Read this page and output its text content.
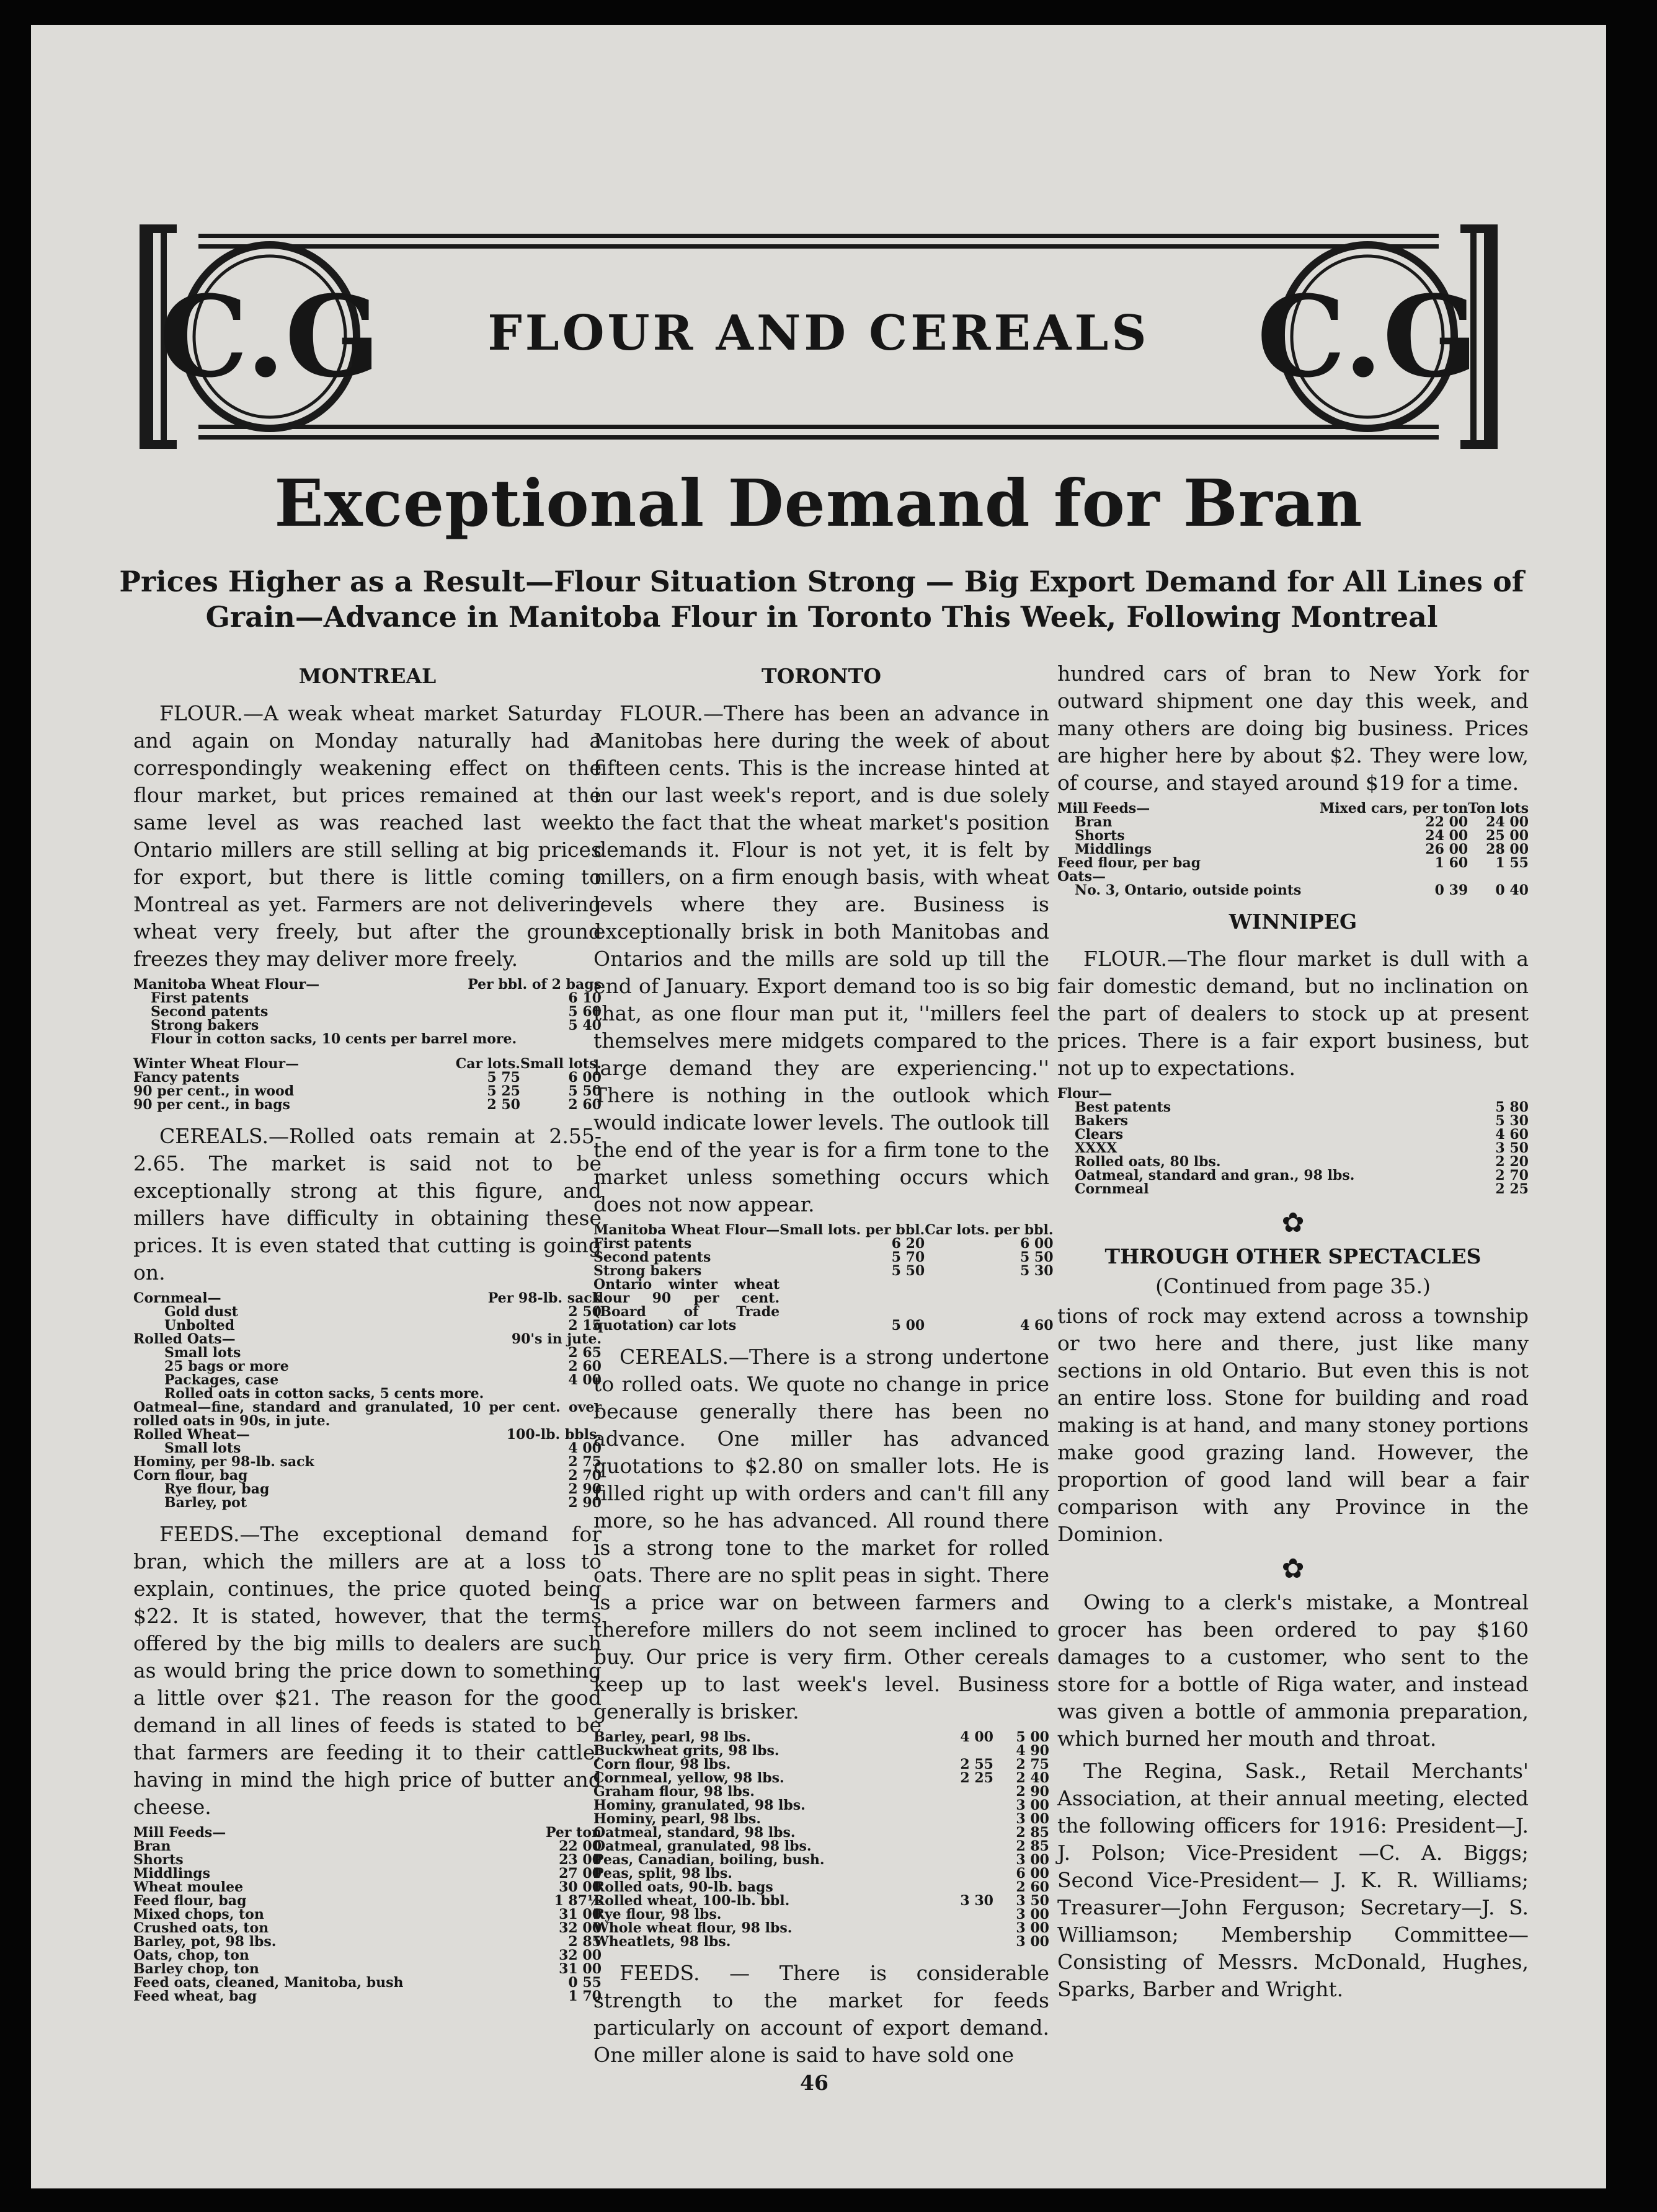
C.G	C.G
FLOUR AND CEREALS
Exceptional Demand for Bran
Prices Higher as a Result—Flour Situation Strong — Big Export Demand for All Lines of Grain—Advance in Manitoba Flour in Toronto This Week, Following Montreal
MONTREAL

FLOUR.—A weak wheat market Saturday and again on Monday naturally had a correspondingly weakening effect on the flour market, but prices remained at the same level as was reached last week. Ontario millers are still selling at big prices for export, but there is little coming to Montreal as yet. Farmers are not delivering wheat very freely, but after the ground freezes they may deliver more freely.

Manitoba Wheat Flour—	Per bbl. of 2 bags
First patents	6 10
Second patents	5 60
Strong bakers	5 40
Flour in cotton sacks, 10 cents per barrel more.	
Winter Wheat Flour—	Car lots.	Small lots.
Fancy patents	5 75	6 00
90 per cent., in wood	5 25	5 50
90 per cent., in bags	2 50	2 60

CEREALS.—Rolled oats remain at 2.55-2.65. The market is said not to be exceptionally strong at this figure, and millers have difficulty in obtaining these prices. It is even stated that cutting is going on.

Cornmeal—	Per 98-lb. sack
Gold dust	2 50
Unbolted	2 15
Rolled Oats—	90's in jute.
Small lots	2 65
25 bags or more	2 60
Packages, case	4 00
Rolled oats in cotton sacks, 5 cents more.	
Oatmeal—fine, standard and granulated, 10 per cent. over rolled oats in 90s, in jute.	
Rolled Wheat—	100-lb. bbls.
Small lots	4 00
Hominy, per 98-lb. sack	2 75
Corn flour, bag	2 70
Rye flour, bag	2 90
Barley, pot	2 90

FEEDS.—The exceptional demand for bran, which the millers are at a loss to explain, continues, the price quoted being $22. It is stated, however, that the terms offered by the big mills to dealers are such as would bring the price down to something a little over $21. The reason for the good demand in all lines of feeds is stated to be that farmers are feeding it to their cattle, having in mind the high price of butter and cheese.

Mill Feeds—	Per ton
Bran	22 00
Shorts	23 00
Middlings	27 00
Wheat moulee	30 00
Feed flour, bag	1 87½
Mixed chops, ton	31 00
Crushed oats, ton	32 00
Barley, pot, 98 lbs.	2 85
Oats, chop, ton	32 00
Barley chop, ton	31 00
Feed oats, cleaned, Manitoba, bush	0 55
Feed wheat, bag	1 70
TORONTO

FLOUR.—There has been an advance in Manitobas here during the week of about fifteen cents. This is the increase hinted at in our last week's report, and is due solely to the fact that the wheat market's position demands it. Flour is not yet, it is felt by millers, on a firm enough basis, with wheat levels where they are. Business is exceptionally brisk in both Manitobas and Ontarios and the mills are sold up till the end of January. Export demand too is so big that, as one flour man put it, ''millers feel themselves mere midgets compared to the large demand they are experiencing.'' There is nothing in the outlook which would indicate lower levels. The outlook till the end of the year is for a firm tone to the market unless something occurs which does not now appear.

Manitoba Wheat Flour—	Small lots. per bbl.	Car lots. per bbl.
First patents	6 20	6 00
Second patents	5 70	5 50
Strong bakers	5 50	5 30
Ontario winter wheat flour 90 per cent. (Board of Trade quotation) car lots	5 00	4 60

CEREALS.—There is a strong undertone to rolled oats. We quote no change in price because generally there has been no advance. One miller has advanced quotations to $2.80 on smaller lots. He is filled right up with orders and can't fill any more, so he has advanced. All round there is a strong tone to the market for rolled oats. There are no split peas in sight. There is a price war on between farmers and therefore millers do not seem inclined to buy. Our price is very firm. Other cereals keep up to last week's level. Business generally is brisker.

Barley, pearl, 98 lbs.	4 00	5 00
Buckwheat grits, 98 lbs.		4 90
Corn flour, 98 lbs.	2 55	2 75
Cornmeal, yellow, 98 lbs.	2 25	2 40
Graham flour, 98 lbs.		2 90
Hominy, granulated, 98 lbs.		3 00
Hominy, pearl, 98 lbs.		3 00
Oatmeal, standard, 98 lbs.		2 85
Oatmeal, granulated, 98 lbs.		2 85
Peas, Canadian, boiling, bush.		3 00
Peas, split, 98 lbs.		6 00
Rolled oats, 90-lb. bags		2 60
Rolled wheat, 100-lb. bbl.	3 30	3 50
Rye flour, 98 lbs.		3 00
Whole wheat flour, 98 lbs.		3 00
Wheatlets, 98 lbs.		3 00

FEEDS. — There is considerable strength to the market for feeds particularly on account of export demand. One miller alone is said to have sold one

hundred cars of bran to New York for outward shipment one day this week, and many others are doing big business. Prices are higher here by about $2. They were low, of course, and stayed around $19 for a time.

Mill Feeds—	Mixed cars, per ton	Ton lots
Bran	22 00	24 00
Shorts	24 00	25 00
Middlings	26 00	28 00
Feed flour, per bag	1 60	1 55
Oats—		
No. 3, Ontario, outside points	0 39	0 40
WINNIPEG

FLOUR.—The flour market is dull with a fair domestic demand, but no inclination on the part of dealers to stock up at present prices. There is a fair export business, but not up to expectations.

Flour—	
Best patents	5 80
Bakers	5 30
Clears	4 60
XXXX	3 50
Rolled oats, 80 lbs.	2 20
Oatmeal, standard and gran., 98 lbs.	2 70
Cornmeal	2 25
✿
THROUGH OTHER SPECTACLES
(Continued from page 35.)

tions of rock may extend across a township or two here and there, just like many sections in old Ontario. But even this is not an entire loss. Stone for building and road making is at hand, and many stoney portions make good grazing land. However, the proportion of good land will bear a fair comparison with any Province in the Dominion.

✿

Owing to a clerk's mistake, a Montreal grocer has been ordered to pay $160 damages to a customer, who sent to the store for a bottle of Riga water, and instead was given a bottle of ammonia preparation, which burned her mouth and throat.

The Regina, Sask., Retail Merchants' Association, at their annual meeting, elected the following officers for 1916: President—J. J. Polson; Vice-President —C. A. Biggs; Second Vice-President— J. K. R. Williams; Treasurer—John Ferguson; Secretary—J. S. Williamson; Membership Committee—Consisting of Messrs. McDonald, Hughes, Sparks, Barber and Wright.

46
